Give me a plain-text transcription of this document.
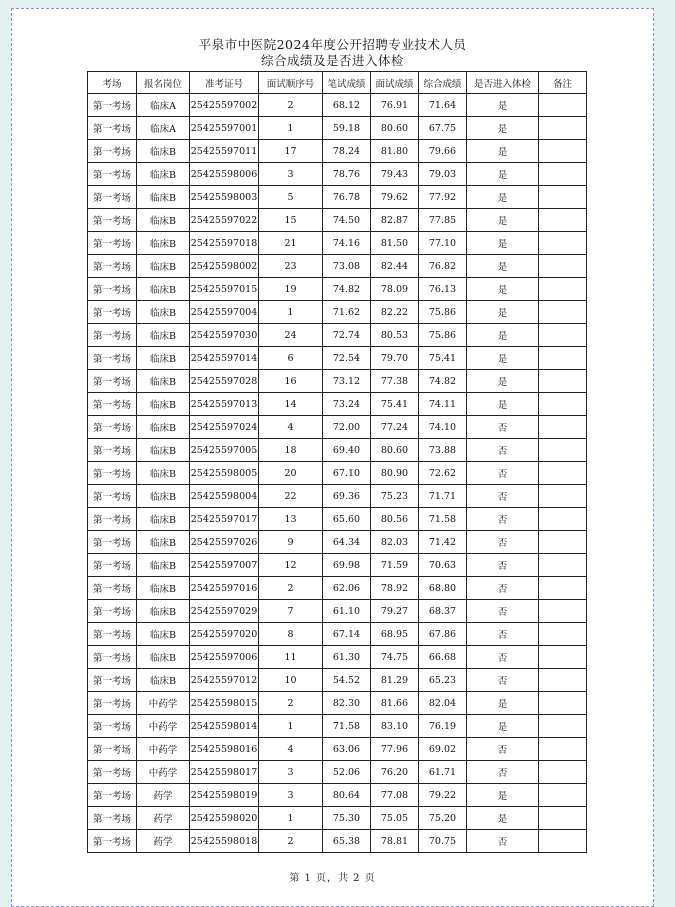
平泉市中医院2024年度公开招聘专业技术人员
综合成绩及是否进入体检
考场	报名岗位	准考证号	面试顺序号	笔试成绩	面试成绩	综合成绩	是否进入体检	备注
第一考场	临床A	25425597002	2	68.12	76.91	71.64	是	
第一考场	临床A	25425597001	1	59.18	80.60	67.75	是	
第一考场	临床B	25425597011	17	78.24	81.80	79.66	是	
第一考场	临床B	25425598006	3	78.76	79.43	79.03	是	
第一考场	临床B	25425598003	5	76.78	79.62	77.92	是	
第一考场	临床B	25425597022	15	74.50	82.87	77.85	是	
第一考场	临床B	25425597018	21	74.16	81.50	77.10	是	
第一考场	临床B	25425598002	23	73.08	82.44	76.82	是	
第一考场	临床B	25425597015	19	74.82	78.09	76.13	是	
第一考场	临床B	25425597004	1	71.62	82.22	75.86	是	
第一考场	临床B	25425597030	24	72.74	80.53	75.86	是	
第一考场	临床B	25425597014	6	72.54	79.70	75.41	是	
第一考场	临床B	25425597028	16	73.12	77.38	74.82	是	
第一考场	临床B	25425597013	14	73.24	75.41	74.11	是	
第一考场	临床B	25425597024	4	72.00	77.24	74.10	否	
第一考场	临床B	25425597005	18	69.40	80.60	73.88	否	
第一考场	临床B	25425598005	20	67.10	80.90	72.62	否	
第一考场	临床B	25425598004	22	69.36	75.23	71.71	否	
第一考场	临床B	25425597017	13	65.60	80.56	71.58	否	
第一考场	临床B	25425597026	9	64.34	82.03	71.42	否	
第一考场	临床B	25425597007	12	69.98	71.59	70.63	否	
第一考场	临床B	25425597016	2	62.06	78.92	68.80	否	
第一考场	临床B	25425597029	7	61.10	79.27	68.37	否	
第一考场	临床B	25425597020	8	67.14	68.95	67.86	否	
第一考场	临床B	25425597006	11	61.30	74.75	66.68	否	
第一考场	临床B	25425597012	10	54.52	81.29	65.23	否	
第一考场	中药学	25425598015	2	82.30	81.66	82.04	是	
第一考场	中药学	25425598014	1	71.58	83.10	76.19	是	
第一考场	中药学	25425598016	4	63.06	77.96	69.02	否	
第一考场	中药学	25425598017	3	52.06	76.20	61.71	否	
第一考场	药学	25425598019	3	80.64	77.08	79.22	是	
第一考场	药学	25425598020	1	75.30	75.05	75.20	是	
第一考场	药学	25425598018	2	65.38	78.81	70.75	否	
第 1 页，共 2 页
